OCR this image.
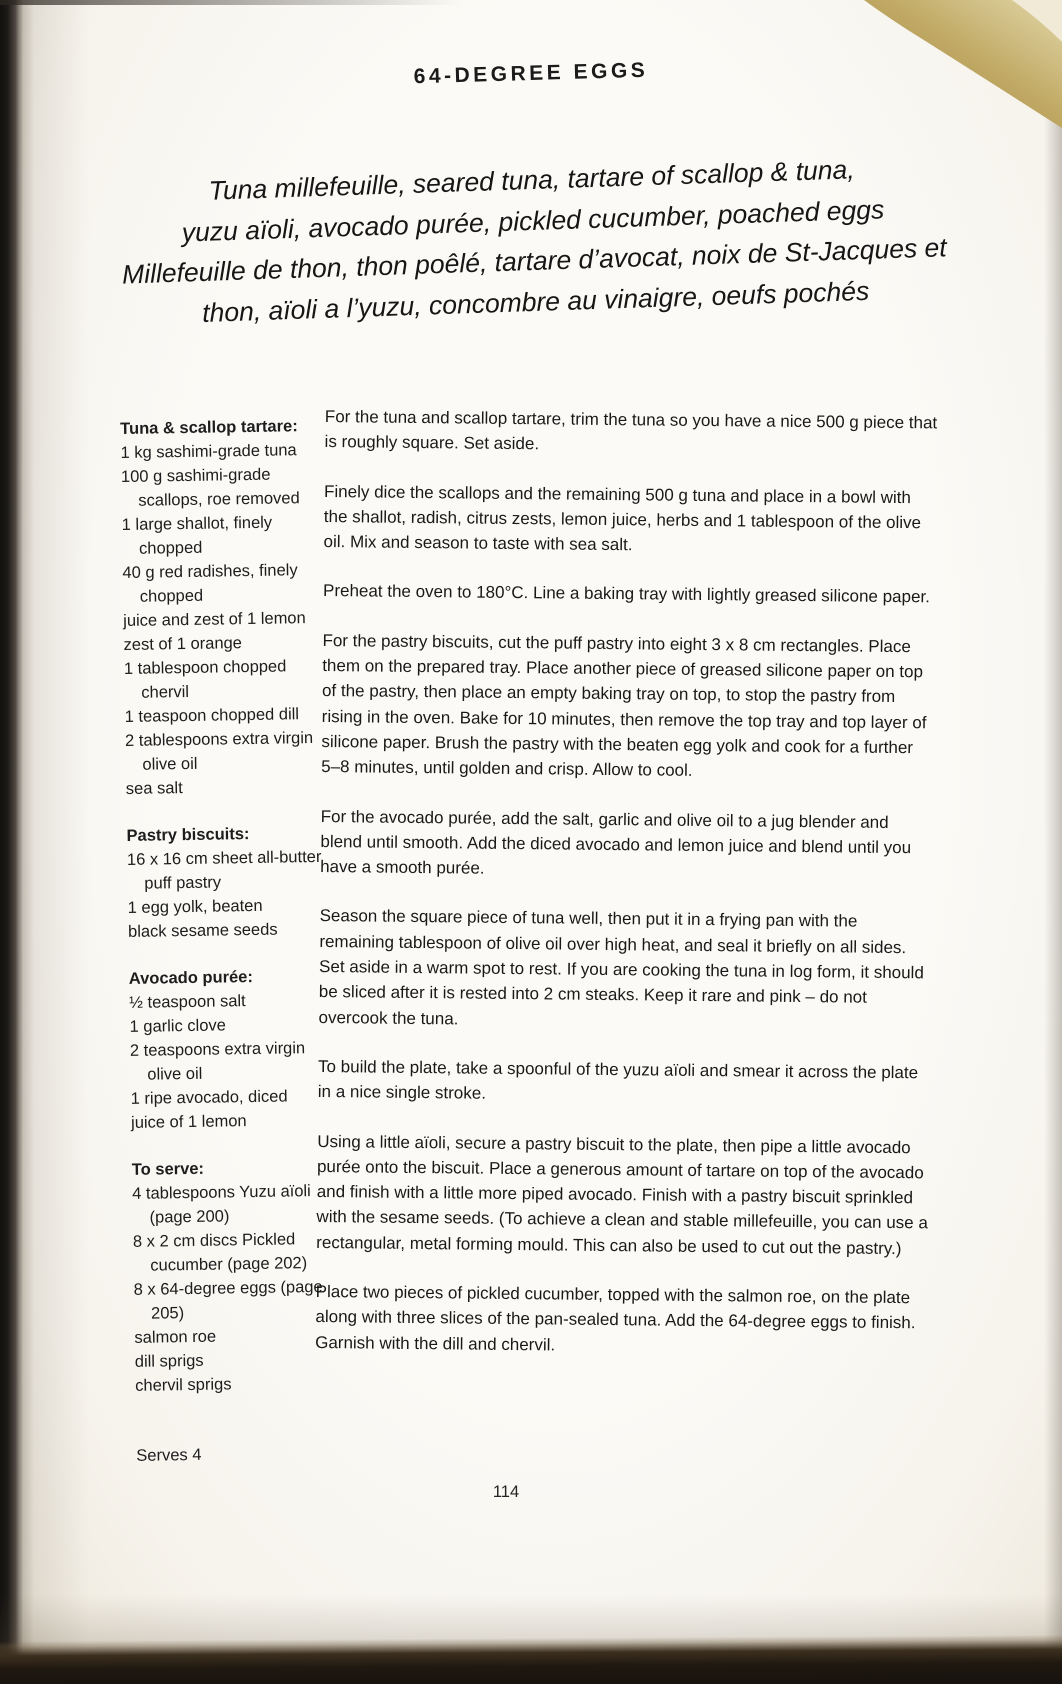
64-DEGREE EGGS
Tuna millefeuille, seared tuna, tartare of scallop & tuna,
yuzu aïoli, avocado purée, pickled cucumber, poached eggs
Millefeuille de thon, thon poêlé, tartare d’avocat, noix de St-Jacques et
thon, aïoli a l’yuzu, concombre au vinaigre, oeufs pochés
Tuna & scallop tartare:
1 kg sashimi-grade tuna
100 g sashimi-grade scallops, roe removed
1 large shallot, finely chopped
40 g red radishes, finely chopped
juice and zest of 1 lemon
zest of 1 orange
1 tablespoon chopped chervil
1 teaspoon chopped dill
2 tablespoons extra virgin olive oil
sea salt
Pastry biscuits:
16 x 16 cm sheet all-butter puff pastry
1 egg yolk, beaten
black sesame seeds
Avocado purée:
½ teaspoon salt
1 garlic clove
2 teaspoons extra virgin olive oil
1 ripe avocado, diced
juice of 1 lemon
To serve:
4 tablespoons Yuzu aïoli (page 200)
8 x 2 cm discs Pickled cucumber (page 202)
8 x 64-degree eggs (page 205)
salmon roe
dill sprigs
chervil sprigs
Serves 4

For the tuna and scallop tartare, trim the tuna so you have a nice 500 g piece that is roughly square. Set aside.

Finely dice the scallops and the remaining 500 g tuna and place in a bowl with the shallot, radish, citrus zests, lemon juice, herbs and 1 tablespoon of the olive oil. Mix and season to taste with sea salt.

Preheat the oven to 180°C. Line a baking tray with lightly greased silicone paper.

For the pastry biscuits, cut the puff pastry into eight 3 x 8 cm rectangles. Place them on the prepared tray. Place another piece of greased silicone paper on top of the pastry, then place an empty baking tray on top, to stop the pastry from rising in the oven. Bake for 10 minutes, then remove the top tray and top layer of silicone paper. Brush the pastry with the beaten egg yolk and cook for a further 5–8 minutes, until golden and crisp. Allow to cool.

For the avocado purée, add the salt, garlic and olive oil to a jug blender and blend until smooth. Add the diced avocado and lemon juice and blend until you have a smooth purée.

Season the square piece of tuna well, then put it in a frying pan with the remaining tablespoon of olive oil over high heat, and seal it briefly on all sides. Set aside in a warm spot to rest. If you are cooking the tuna in log form, it should be sliced after it is rested into 2 cm steaks. Keep it rare and pink – do not overcook the tuna.

To build the plate, take a spoonful of the yuzu aïoli and smear it across the plate in a nice single stroke.

Using a little aïoli, secure a pastry biscuit to the plate, then pipe a little avocado purée onto the biscuit. Place a generous amount of tartare on top of the avocado and finish with a little more piped avocado. Finish with a pastry biscuit sprinkled with the sesame seeds. (To achieve a clean and stable millefeuille, you can use a rectangular, metal forming mould. This can also be used to cut out the pastry.)

Place two pieces of pickled cucumber, topped with the salmon roe, on the plate along with three slices of the pan-sealed tuna. Add the 64-degree eggs to finish. Garnish with the dill and chervil.

114
